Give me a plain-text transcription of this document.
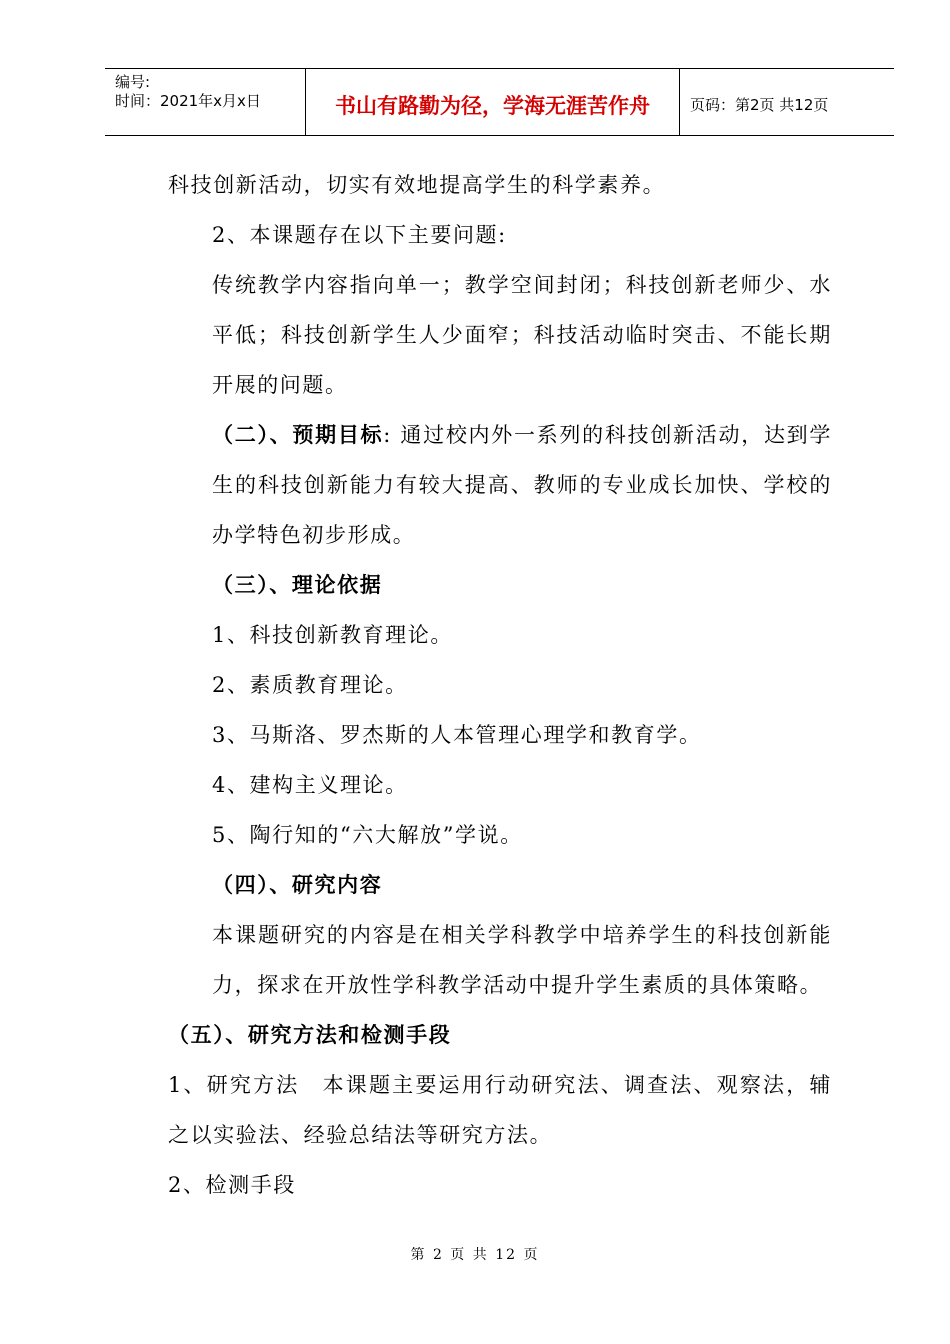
编号:
时间：2021年x月x日	书山有路勤为径，学海无涯苦作舟	页码：第2页 共12页

科技创新活动，切实有效地提高学生的科学素养。

2、本课题存在以下主要问题:

传统教学内容指向单一；教学空间封闭；科技创新老师少、水平低；科技创新学生人少面窄；科技活动临时突击、不能长期开展的问题。

（二）、预期目标: 通过校内外一系列的科技创新活动，达到学生的科技创新能力有较大提高、教师的专业成长加快、学校的办学特色初步形成。

（三）、理论依据

1、科技创新教育理论。

2、素质教育理论。

3、马斯洛、罗杰斯的人本管理心理学和教育学。

4、建构主义理论。

5、陶行知的“六大解放”学说。

（四）、研究内容

本课题研究的内容是在相关学科教学中培养学生的科技创新能力，探求在开放性学科教学活动中提升学生素质的具体策略。

（五）、研究方法和检测手段

1、研究方法　本课题主要运用行动研究法、调查法、观察法，辅之以实验法、经验总结法等研究方法。

2、检测手段

第 2 页 共 12 页
